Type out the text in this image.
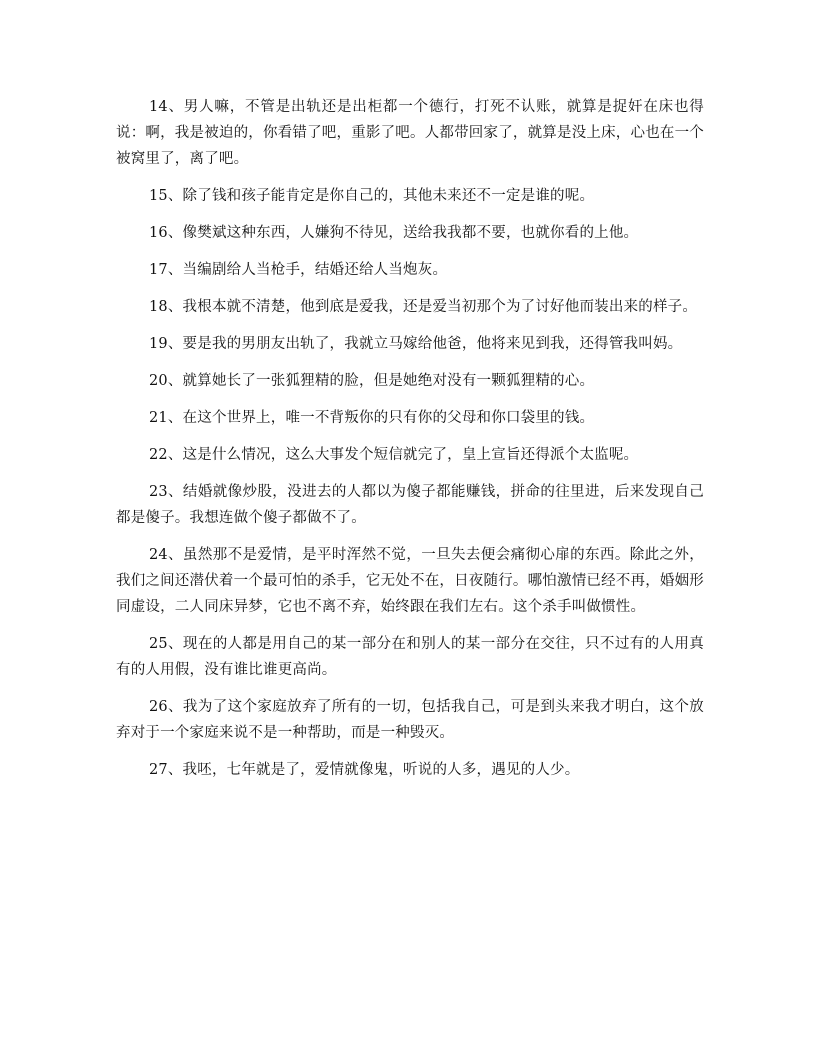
14、男人嘛，不管是出轨还是出柜都一个德行，打死不认账，就算是捉奸在床也得说：啊，我是被迫的，你看错了吧，重影了吧。人都带回家了，就算是没上床，心也在一个被窝里了，离了吧。

15、除了钱和孩子能肯定是你自己的，其他未来还不一定是谁的呢。

16、像樊斌这种东西，人嫌狗不待见，送给我我都不要，也就你看的上他。

17、当编剧给人当枪手，结婚还给人当炮灰。

18、我根本就不清楚，他到底是爱我，还是爱当初那个为了讨好他而装出来的样子。

19、要是我的男朋友出轨了，我就立马嫁给他爸，他将来见到我，还得管我叫妈。

20、就算她长了一张狐狸精的脸，但是她绝对没有一颗狐狸精的心。

21、在这个世界上，唯一不背叛你的只有你的父母和你口袋里的钱。

22、这是什么情况，这么大事发个短信就完了，皇上宣旨还得派个太监呢。

23、结婚就像炒股，没进去的人都以为傻子都能赚钱，拼命的往里进，后来发现自己都是傻子。我想连做个傻子都做不了。

24、虽然那不是爱情，是平时浑然不觉，一旦失去便会痛彻心扉的东西。除此之外，我们之间还潜伏着一个最可怕的杀手，它无处不在，日夜随行。哪怕激情已经不再，婚姻形同虚设，二人同床异梦，它也不离不弃，始终跟在我们左右。这个杀手叫做惯性。

25、现在的人都是用自己的某一部分在和别人的某一部分在交往，只不过有的人用真有的人用假，没有谁比谁更高尚。

26、我为了这个家庭放弃了所有的一切，包括我自己，可是到头来我才明白，这个放弃对于一个家庭来说不是一种帮助，而是一种毁灭。

27、我呸，七年就是了，爱情就像鬼，听说的人多，遇见的人少。
